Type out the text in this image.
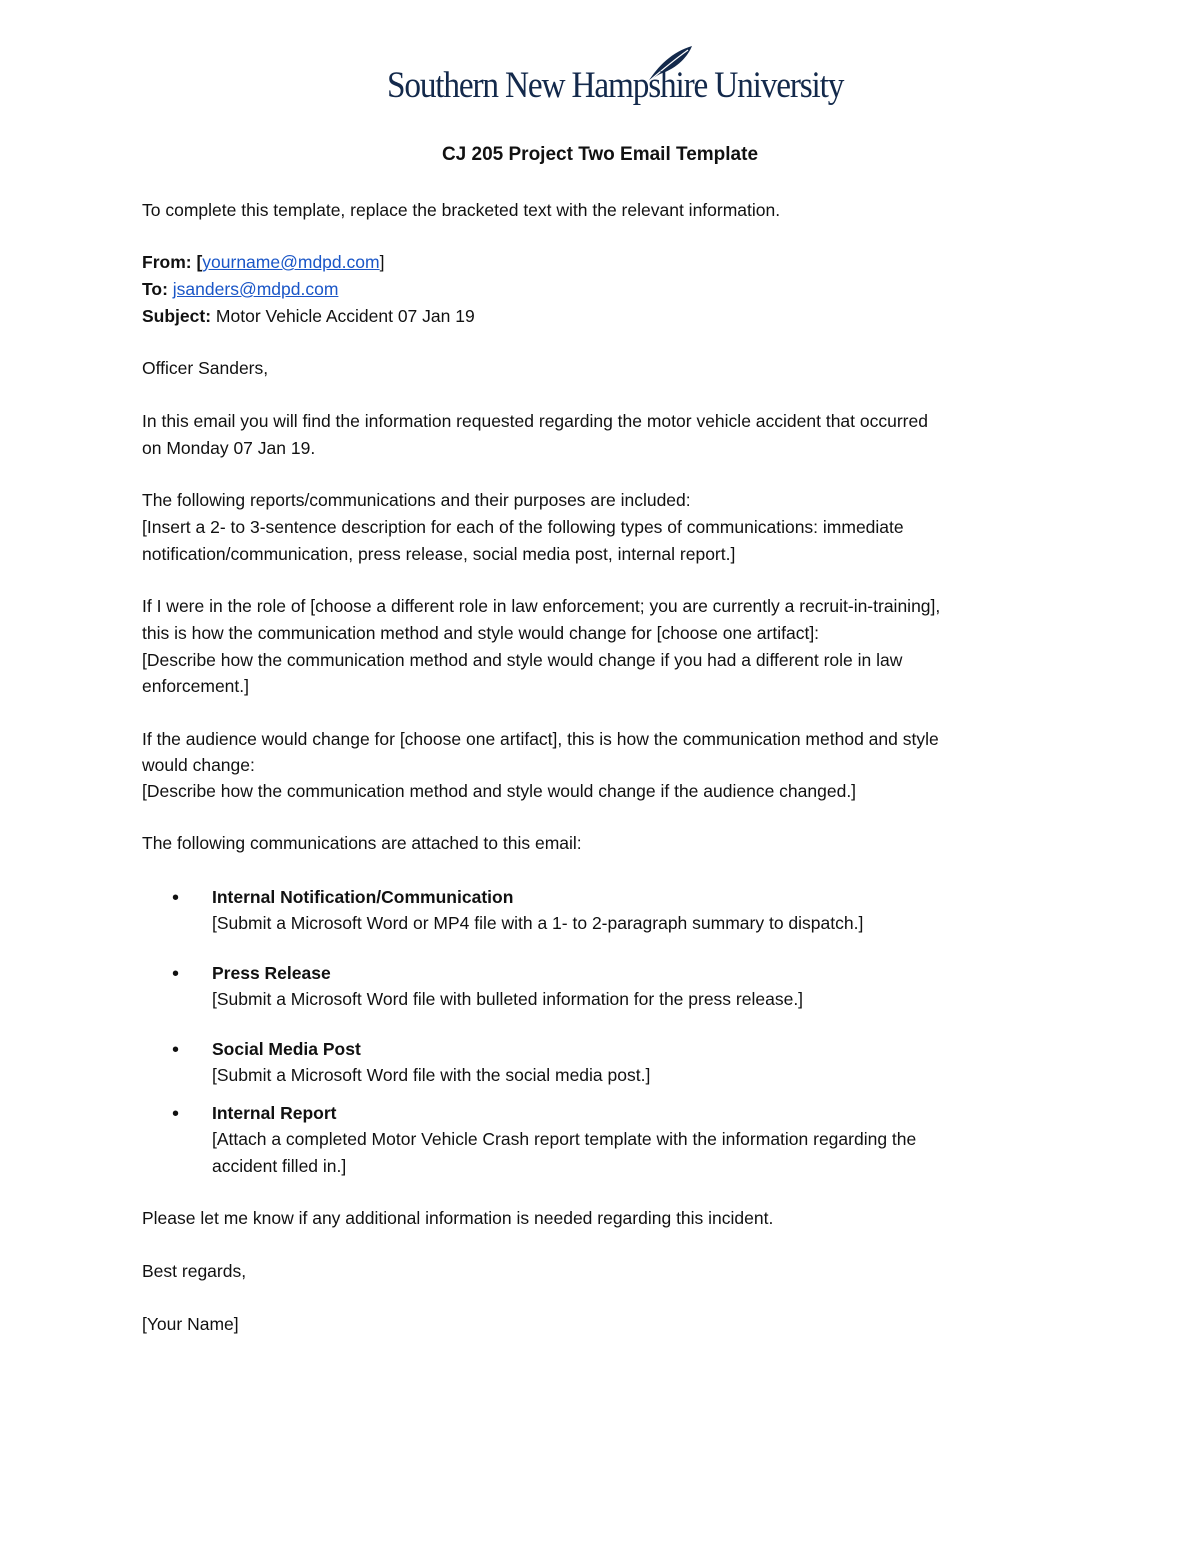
Southern New Hampshire University
CJ 205 Project Two Email Template
To complete this template, replace the bracketed text with the relevant information.
From: [yourname@mdpd.com]
To: jsanders@mdpd.com
Subject: Motor Vehicle Accident 07 Jan 19
Officer Sanders,
In this email you will find the information requested regarding the motor vehicle accident that occurred
on Monday 07 Jan 19.
The following reports/communications and their purposes are included:
[Insert a 2- to 3-sentence description for each of the following types of communications: immediate
notification/communication, press release, social media post, internal report.]
If I were in the role of [choose a different role in law enforcement; you are currently a recruit-in-training],
this is how the communication method and style would change for [choose one artifact]:
[Describe how the communication method and style would change if you had a different role in law
enforcement.]
If the audience would change for [choose one artifact], this is how the communication method and style
would change:
[Describe how the communication method and style would change if the audience changed.]
The following communications are attached to this email:
• Internal Notification/Communication
[Submit a Microsoft Word or MP4 file with a 1- to 2-paragraph summary to dispatch.]
• Press Release
[Submit a Microsoft Word file with bulleted information for the press release.]
• Social Media Post
[Submit a Microsoft Word file with the social media post.]
• Internal Report
[Attach a completed Motor Vehicle Crash report template with the information regarding the
accident filled in.]
Please let me know if any additional information is needed regarding this incident.
Best regards,
[Your Name]
